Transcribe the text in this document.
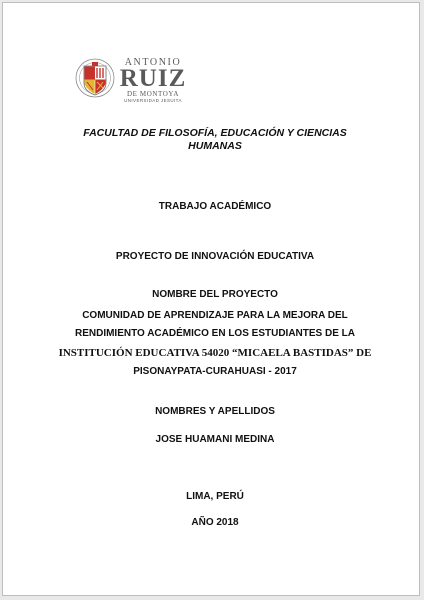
ANTONIO
RUIZ
DE MONTOYA
UNIVERSIDAD JESUITA

FACULTAD DE FILOSOFÍA, EDUCACIÓN Y CIENCIAS

HUMANAS

TRABAJO ACADÉMICO

PROYECTO DE INNOVACIÓN EDUCATIVA

NOMBRE DEL PROYECTO

COMUNIDAD DE APRENDIZAJE PARA LA MEJORA DEL

RENDIMIENTO ACADÉMICO EN LOS ESTUDIANTES DE LA

INSTITUCIÓN EDUCATIVA 54020 “MICAELA BASTIDAS” DE

PISONAYPATA-CURAHUASI - 2017

NOMBRES Y APELLIDOS

JOSE HUAMANI MEDINA

LIMA, PERÚ

AÑO 2018
